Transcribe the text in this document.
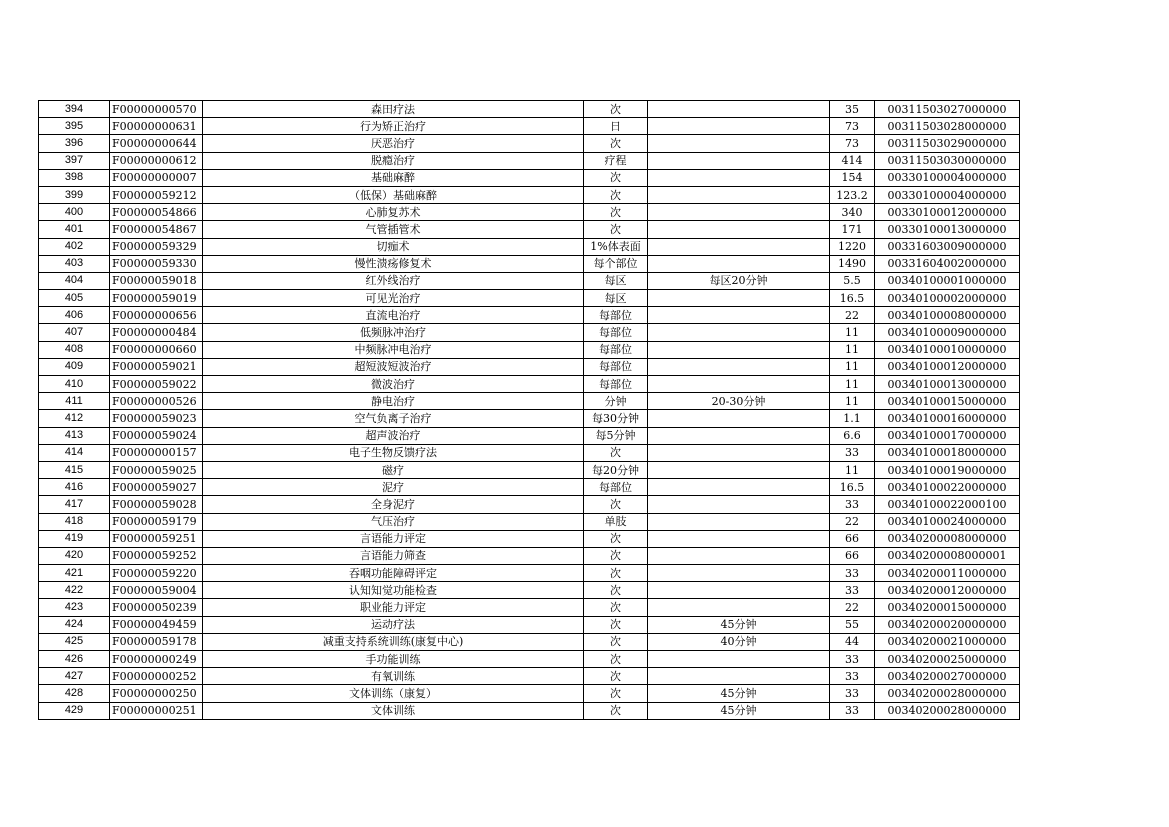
394	F00000000570	森田疗法	次		35	00311503027000000
395	F00000000631	行为矫正治疗	日		73	00311503028000000
396	F00000000644	厌恶治疗	次		73	00311503029000000
397	F00000000612	脱瘾治疗	疗程		414	00311503030000000
398	F00000000007	基础麻醉	次		154	00330100004000000
399	F00000059212	（低保）基础麻醉	次		123.2	00330100004000000
400	F00000054866	心肺复苏术	次		340	00330100012000000
401	F00000054867	气管插管术	次		171	00330100013000000
402	F00000059329	切痂术	1%体表面		1220	00331603009000000
403	F00000059330	慢性溃疡修复术	每个部位		1490	00331604002000000
404	F00000059018	红外线治疗	每区	每区20分钟	5.5	00340100001000000
405	F00000059019	可见光治疗	每区		16.5	00340100002000000
406	F00000000656	直流电治疗	每部位		22	00340100008000000
407	F00000000484	低频脉冲治疗	每部位		11	00340100009000000
408	F00000000660	中频脉冲电治疗	每部位		11	00340100010000000
409	F00000059021	超短波短波治疗	每部位		11	00340100012000000
410	F00000059022	微波治疗	每部位		11	00340100013000000
411	F00000000526	静电治疗	分钟	20-30分钟	11	00340100015000000
412	F00000059023	空气负离子治疗	每30分钟		1.1	00340100016000000
413	F00000059024	超声波治疗	每5分钟		6.6	00340100017000000
414	F00000000157	电子生物反馈疗法	次		33	00340100018000000
415	F00000059025	磁疗	每20分钟		11	00340100019000000
416	F00000059027	泥疗	每部位		16.5	00340100022000000
417	F00000059028	全身泥疗	次		33	00340100022000100
418	F00000059179	气压治疗	单肢		22	00340100024000000
419	F00000059251	言语能力评定	次		66	00340200008000000
420	F00000059252	言语能力筛查	次		66	00340200008000001
421	F00000059220	吞咽功能障碍评定	次		33	00340200011000000
422	F00000059004	认知知觉功能检查	次		33	00340200012000000
423	F00000050239	职业能力评定	次		22	00340200015000000
424	F00000049459	运动疗法	次	45分钟	55	00340200020000000
425	F00000059178	减重支持系统训练(康复中心)	次	40分钟	44	00340200021000000
426	F00000000249	手功能训练	次		33	00340200025000000
427	F00000000252	有氧训练	次		33	00340200027000000
428	F00000000250	文体训练（康复）	次	45分钟	33	00340200028000000
429	F00000000251	文体训练	次	45分钟	33	00340200028000000
